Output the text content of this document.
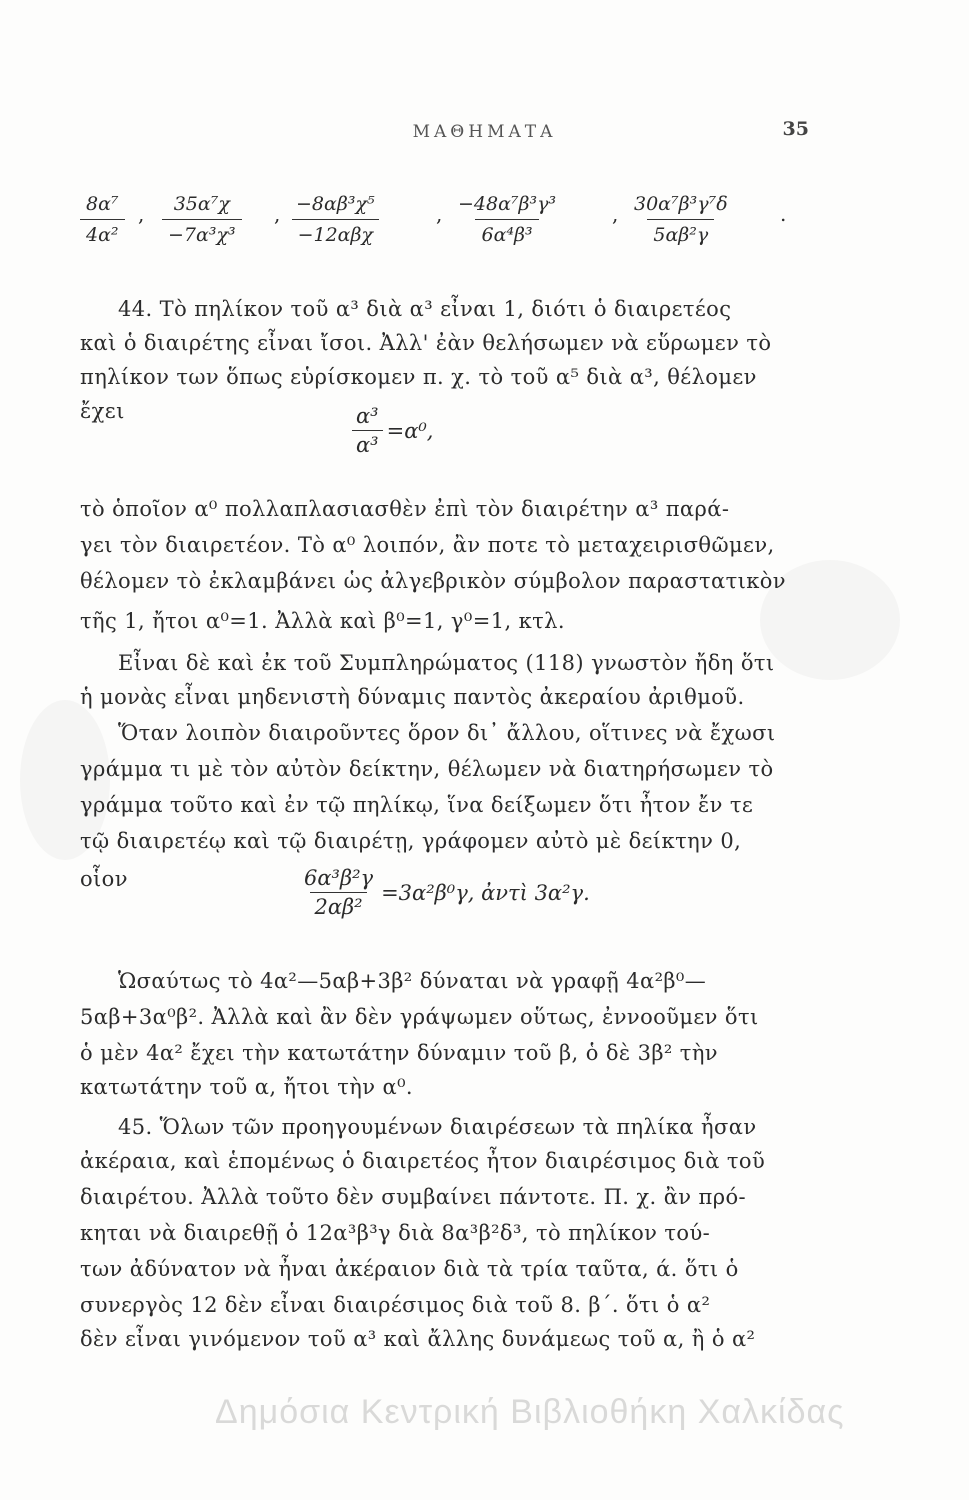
ΜΑΘΗΜΑΤΑ	35
$\frac{\text{8α⁷}}{\text{4α²}}$ , $\frac{\text{35α⁷χ}}{\text{−7α³χ³}}$ , −8αβ³χ⁵
−12αβχ
, $\frac{\text{−48α⁷β³γ³}}{\text{6α⁴β³}}$ , $\frac{\text{30α⁷β³γ⁷δ}}{\text{5αβ²γ}}$ .
44. Τὸ πηλίκον τοῦ α³ διὰ α³ εἶναι 1, διότι ὁ διαιρετέος
καὶ ὁ διαιρέτης εἶναι ἴσοι. Ἀλλ' ἐὰν θελήσωμεν νὰ εὕρωμεν τὸ
πηλίκον των ὅπως εὑρίσκομεν π. χ. τὸ τοῦ α⁵ διὰ α³, θέλομεν
ἔχει	$\frac{\text{α³}}{\text{α³}} =\alpha^0$,
τὸ ὁποῖον α⁰ πολλαπλασιασθὲν ἐπὶ τὸν διαιρέτην α³ παρά-
γει τὸν διαιρετέον. Τὸ α⁰ λοιπόν, ἂν ποτε τὸ μεταχειρισθῶμεν,
θέλομεν τὸ ἐκλαμβάνει ὡς ἀλγεβρικὸν σύμβολον παραστατικὸν
τῆς 1, ἤτοι α⁰=1. Ἀλλὰ καὶ β⁰=1, γ⁰=1, κτλ.
Εἶναι δὲ καὶ ἐκ τοῦ Συμπληρώματος (118) γνωστὸν ἤδη ὅτι
ἡ μονὰς εἶναι μηδενιστὴ δύναμις παντὸς ἀκεραίου ἀριθμοῦ.
Ὅταν λοιπὸν διαιροῦντες ὅρον δι᾽ ἄλλου, οἵτινες νὰ ἔχωσι
γράμμα τι μὲ τὸν αὐτὸν δείκτην, θέλωμεν νὰ διατηρήσωμεν τὸ
γράμμα τοῦτο καὶ ἐν τῷ πηλίκῳ, ἵνα δείξωμεν ὅτι ἦτον ἔν τε
τῷ διαιρετέῳ καὶ τῷ διαιρέτῃ, γράφομεν αὐτὸ μὲ δείκτην 0,
οἷον	$\frac{\text{6α³β²γ}}{\text{2αβ²}} =3\alpha^2\beta^0\gamma$, ἀντὶ 3α²γ.
Ὡσαύτως τὸ 4α²—5αβ+3β² δύναται νὰ γραφῇ 4α²β⁰—
5αβ+3α⁰β². Ἀλλὰ καὶ ἂν δὲν γράψωμεν οὕτως, ἐννοοῦμεν ὅτι
ὁ μὲν 4α² ἔχει τὴν κατωτάτην δύναμιν τοῦ β, ὁ δὲ 3β² τὴν
κατωτάτην τοῦ α, ἤτοι τὴν α⁰.
45. Ὅλων τῶν προηγουμένων διαιρέσεων τὰ πηλίκα ἦσαν
ἀκέραια, καὶ ἑπομένως ὁ διαιρετέος ἦτον διαιρέσιμος διὰ τοῦ
διαιρέτου. Ἀλλὰ τοῦτο δὲν συμβαίνει πάντοτε. Π. χ. ἂν πρό-
κηται νὰ διαιρεθῇ ὁ 12α³β³γ διὰ 8α³β²δ³, τὸ πηλίκον τού-
των ἀδύνατον νὰ ἦναι ἀκέραιον διὰ τὰ τρία ταῦτα, ά. ὅτι ὁ
συνεργὸς 12 δὲν εἶναι διαιρέσιμος διὰ τοῦ 8. β΄. ὅτι ὁ α²
δὲν εἶναι γινόμενον τοῦ α³ καὶ ἄλλης δυνάμεως τοῦ α, ἢ ὁ α²
Δημόσια Κεντρική Βιβλιοθήκη Χαλκίδας
